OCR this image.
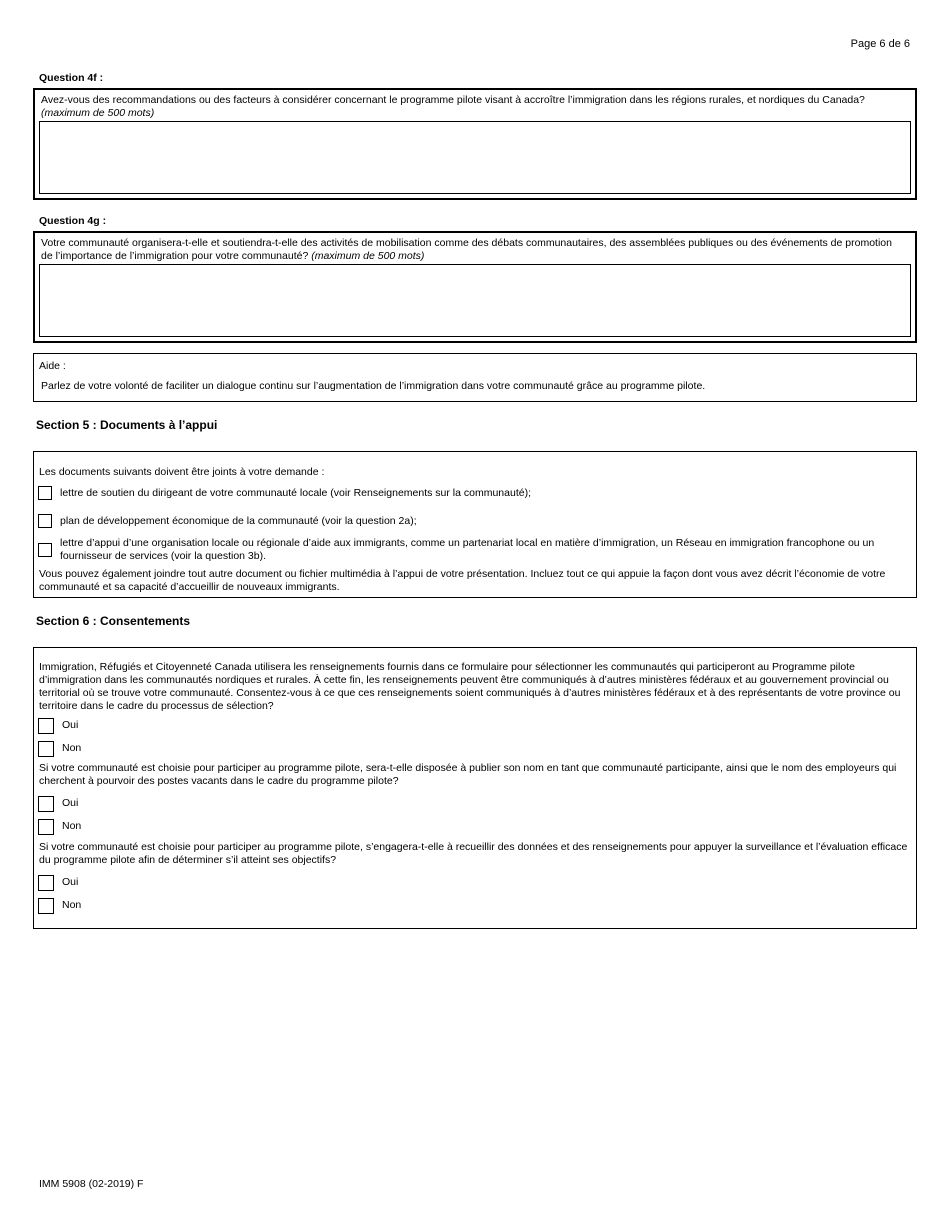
Page 6 de 6
Question 4f :
Avez-vous des recommandations ou des facteurs à considérer concernant le programme pilote visant à accroître l’immigration dans les régions rurales, et nordiques du Canada?
(maximum de 500 mots)
Question 4g :
Votre communauté organisera-t-elle et soutiendra-t-elle des activités de mobilisation comme des débats communautaires, des assemblées publiques ou des événements de promotion de l’importance de l’immigration pour votre communauté? (maximum de 500 mots)
Aide :
Parlez de votre volonté de faciliter un dialogue continu sur l’augmentation de l’immigration dans votre communauté grâce au programme pilote.
Section 5 : Documents à l’appui
Les documents suivants doivent être joints à votre demande :
lettre de soutien du dirigeant de votre communauté locale (voir Renseignements sur la communauté);
plan de développement économique de la communauté (voir la question 2a);
lettre d’appui d’une organisation locale ou régionale d’aide aux immigrants, comme un partenariat local en matière d’immigration, un Réseau en immigration francophone ou un fournisseur de services (voir la question 3b).
Vous pouvez également joindre tout autre document ou fichier multimédia à l’appui de votre présentation. Incluez tout ce qui appuie la façon dont vous avez décrit l’économie de votre communauté et sa capacité d’accueillir de nouveaux immigrants.
Section 6 : Consentements
Immigration, Réfugiés et Citoyenneté Canada utilisera les renseignements fournis dans ce formulaire pour sélectionner les communautés qui participeront au Programme pilote d’immigration dans les communautés nordiques et rurales. À cette fin, les renseignements peuvent être communiqués à d’autres ministères fédéraux et au gouvernement provincial ou territorial où se trouve votre communauté. Consentez-vous à ce que ces renseignements soient communiqués à d’autres ministères fédéraux et à des représentants de votre province ou territoire dans le cadre du processus de sélection?
Oui
Non
Si votre communauté est choisie pour participer au programme pilote, sera-t-elle disposée à publier son nom en tant que communauté participante, ainsi que le nom des employeurs qui cherchent à pourvoir des postes vacants dans le cadre du programme pilote?
Oui
Non
Si votre communauté est choisie pour participer au programme pilote, s’engagera-t-elle à recueillir des données et des renseignements pour appuyer la surveillance et l’évaluation efficace du programme pilote afin de déterminer s’il atteint ses objectifs?
Oui
Non
IMM 5908 (02-2019) F
